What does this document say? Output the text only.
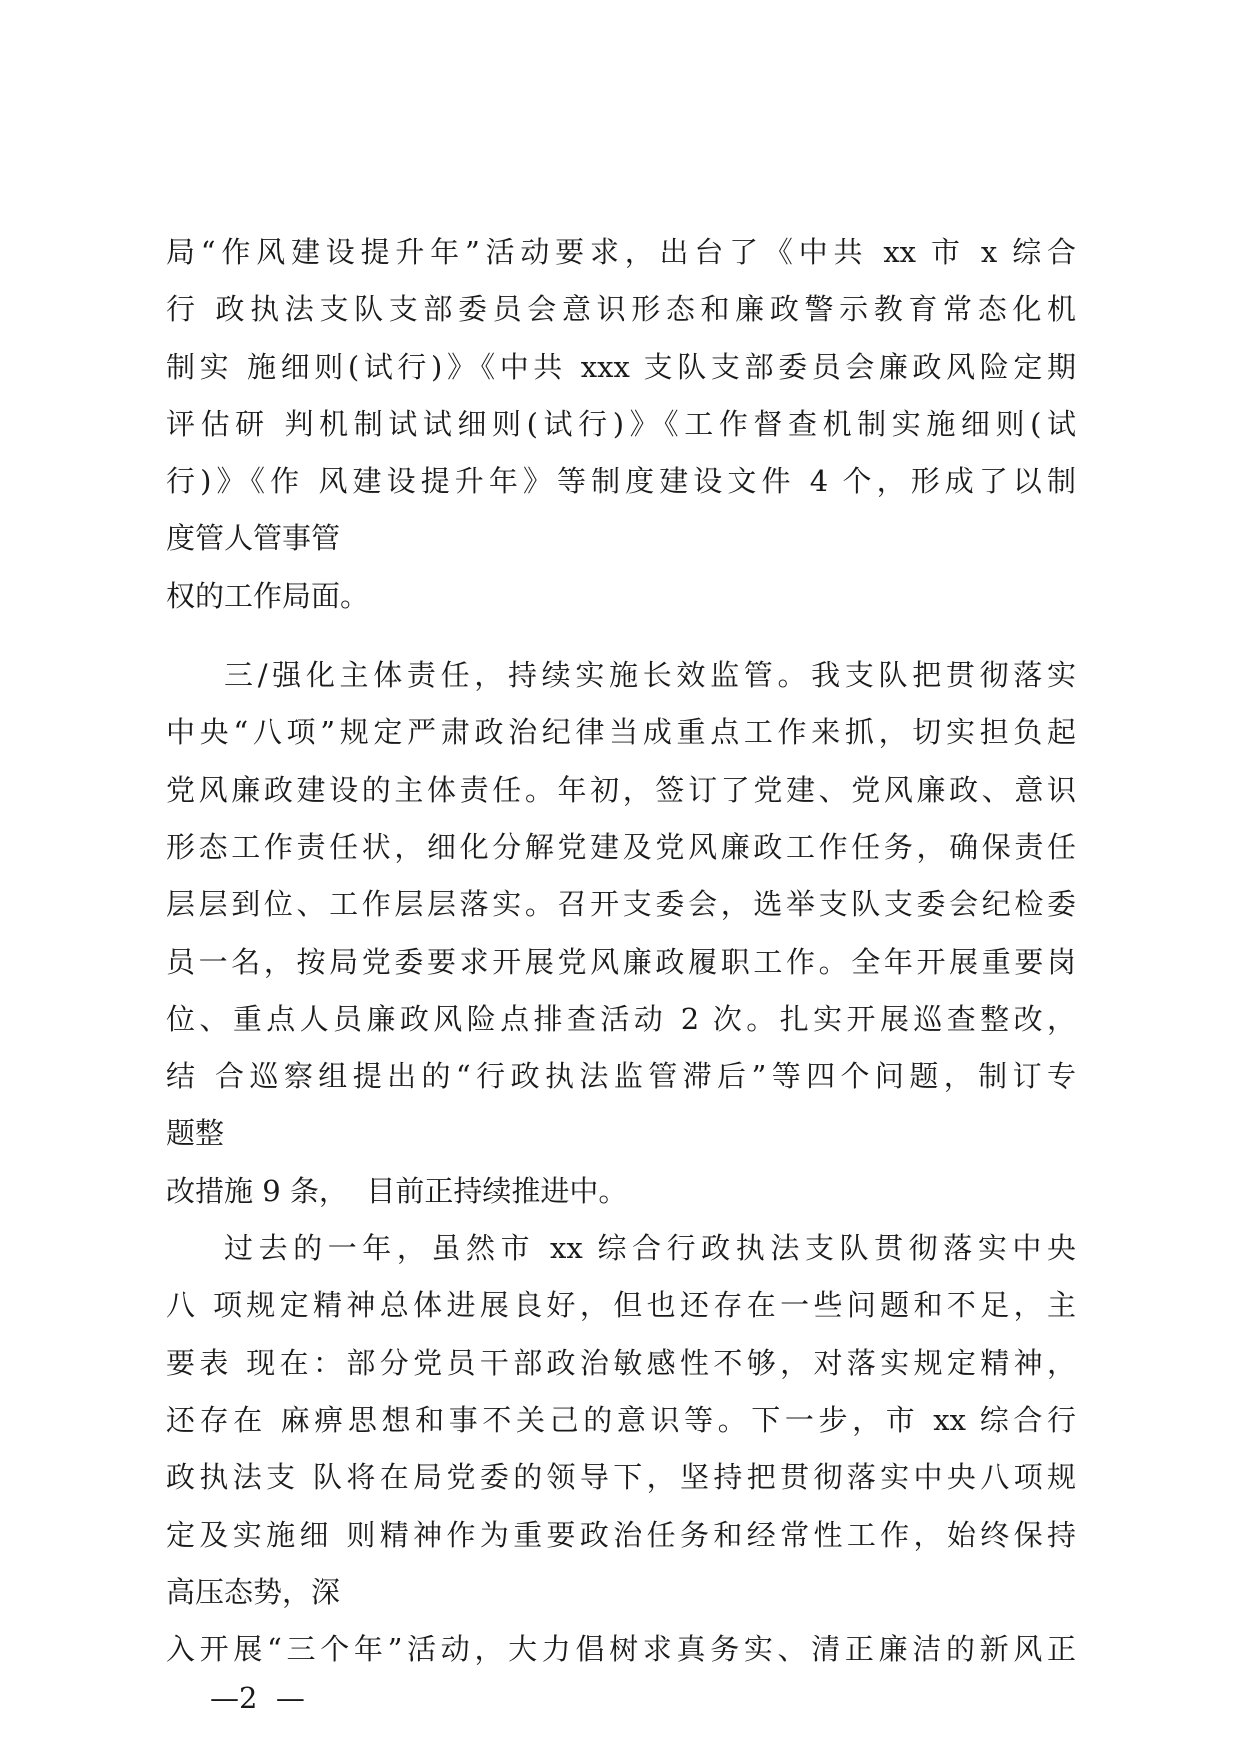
局“作风建设提升年”活动要求，出台了《中共 xx 市 x 综合
行 政执法支队支部委员会意识形态和廉政警示教育常态化机
制实 施细则(试行)》《中共 xxx 支队支部委员会廉政风险定期
评估研 判机制试试细则(试行)》《工作督查机制实施细则(试
行)》《作 风建设提升年》等制度建设文件 4 个，形成了以制
度管人管事管
权的工作局面。
三/强化主体责任，持续实施长效监管。我支队把贯彻落实
中央“八项”规定严肃政治纪律当成重点工作来抓，切实担负起
党风廉政建设的主体责任。年初，签订了党建、党风廉政、意识
形态工作责任状，细化分解党建及党风廉政工作任务，确保责任
层层到位、工作层层落实。召开支委会，选举支队支委会纪检委
员一名，按局党委要求开展党风廉政履职工作。全年开展重要岗
位、重点人员廉政风险点排查活动 2 次。扎实开展巡查整改，
结 合巡察组提出的“行政执法监管滞后”等四个问题，制订专
题整
改措施 9 条，  目前正持续推进中。
过去的一年，虽然市 xx 综合行政执法支队贯彻落实中央
八 项规定精神总体进展良好，但也还存在一些问题和不足，主
要表 现在：部分党员干部政治敏感性不够，对落实规定精神，
还存在 麻痹思想和事不关己的意识等。下一步，市 xx 综合行
政执法支 队将在局党委的领导下，坚持把贯彻落实中央八项规
定及实施细 则精神作为重要政治任务和经常性工作，始终保持
高压态势，深
入开展“三个年”活动，大力倡树求真务实、清正廉洁的新风正
—2  —
